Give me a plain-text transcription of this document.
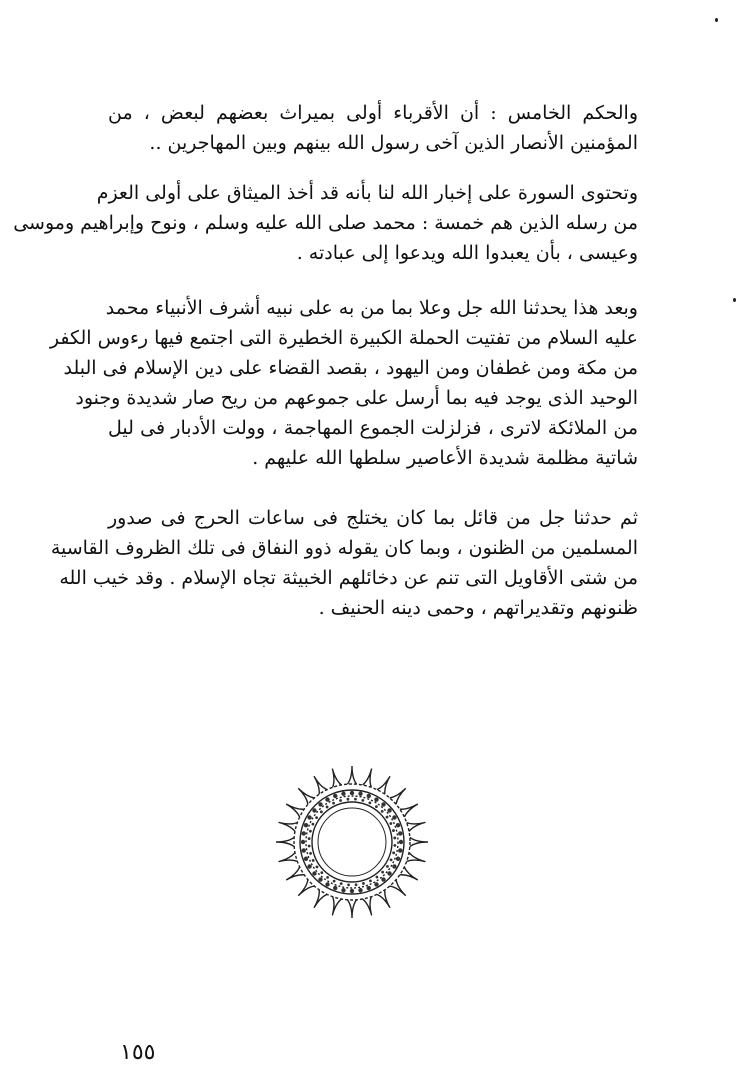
والحكم الخامس : أن الأقرباء أولى بميراث بعضهم لبعض ، من
المؤمنين الأنصار الذين آخى رسول الله بينهم وبين المهاجرين ..
وتحتوى السورة على إخبار الله لنا بأنه قد أخذ الميثاق على أولى العزم
من رسله الذين هم خمسة : محمد صلى الله عليه وسلم ، ونوح وإبراهيم وموسى
وعيسى ، بأن يعبدوا الله ويدعوا إلى عبادته .
وبعد هذا يحدثنا الله جل وعلا بما من به على نبيه أشرف الأنبياء محمد
عليه السلام من تفتيت الحملة الكبيرة الخطيرة التى اجتمع فيها رءوس الكفر
من مكة ومن غطفان ومن اليهود ، بقصد القضاء على دين الإسلام فى البلد
الوحيد الذى يوجد فيه بما أرسل على جموعهم من ريح صار شديدة وجنود
من الملائكة لاترى ، فزلزلت الجموع المهاجمة ، وولت الأدبار فى ليل
شاتية مظلمة شديدة الأعاصير سلطها الله عليهم .
ثم حدثنا جل من قائل بما كان يختلج فى ساعات الحرج فى صدور
المسلمين من الظنون ، وبما كان يقوله ذوو النفاق فى تلك الظروف القاسية
من شتى الأقاويل التى تنم عن دخائلهم الخبيثة تجاه الإسلام . وقد خيب الله
ظنونهم وتقديراتهم ، وحمى دينه الحنيف .
١٥٥
